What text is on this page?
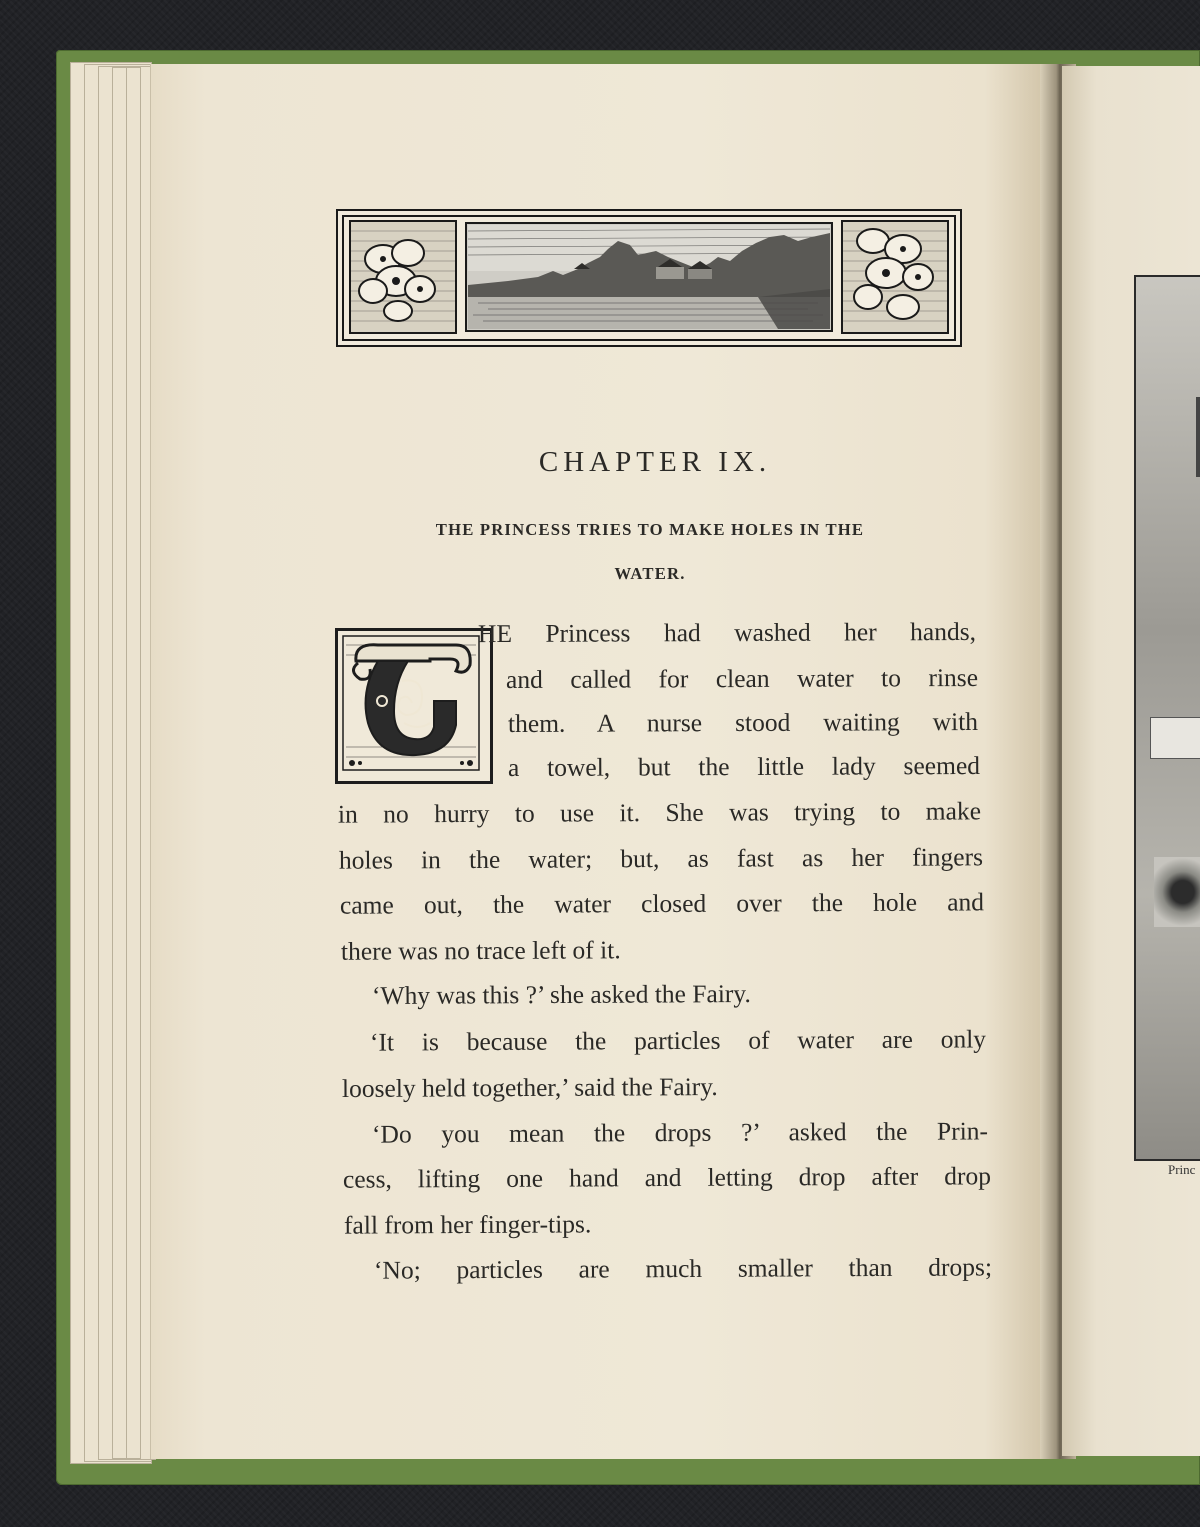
Princ
CHAPTER IX.
THE PRINCESS TRIES TO MAKE HOLES IN THE
WATER.
HE Princess had washed her hands,
and called for clean water to rinse
them. A nurse stood waiting with
a towel, but the little lady seemed
in no hurry to use it. She was trying to make
holes in the water; but, as fast as her fingers
came out, the water closed over the hole and
there was no trace left of it.
‘Why was this ?’ she asked the Fairy.
‘It is because the particles of water are only
loosely held together,’ said the Fairy.
‘Do you mean the drops ?’ asked the Prin-
cess, lifting one hand and letting drop after drop
fall from her finger-tips.
‘No; particles are much smaller than drops;
